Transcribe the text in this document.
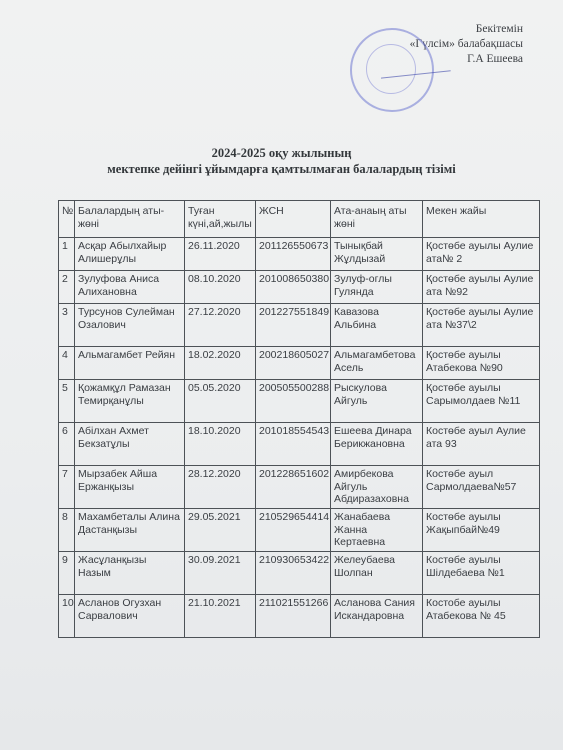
Бекітемін
«Гүлсім» балабақшасы
Г.А Ешеева
2024-2025 оқу жылының
мектепке дейінгі ұйымдарға қамтылмаған балалардың тізімі
№	Балалардың аты-жөні	Туған күні,ай,жылы	ЖСН	Ата-анаың аты жөні	Мекен жайы
1	Асқар Абылхайыр Алишерұлы	26.11.2020	201126550673	Тынықбай Жұлдызай	Қостөбе ауылы Аулие ата№ 2
2	Зулуфова Аниса Алихановна	08.10.2020	201008650380	Зулуф-оглы Гуляндa	Қостөбе ауылы Аулие ата №92
3	Турсунов Сулейман Озалович	27.12.2020	201227551849	Кавазова Альбина	Қостөбе ауылы Аулие ата №37\2
4	Альмагамбет Рейян	18.02.2020	200218605027	Альмагамбетова Асель	Қостөбе ауылы Атабекова №90
5	Қожамқұл Рамазан Темирқанұлы	05.05.2020	200505500288	Рыскулова Айгуль	Қостөбе ауылы Сарымолдаев №11
6	Абілхан Ахмет Бекзатұлы	18.10.2020	201018554543	Ешеева Динара Берикжановна	Костөбе ауыл Аулие ата 93
7	Мырзабек Айша Ержанқызы	28.12.2020	201228651602	Амирбекова Айгуль Абдиразаховна	Костөбе ауыл Сармолдаева№57
8	Махамбеталы Алина Дастанқызы	29.05.2021	210529654414	Жанабаева Жанна Кертаевна	Костөбе ауылы Жақыпбай№49
9	Жасұланқызы Назым	30.09.2021	210930653422	Желеубаева Шолпан	Костөбе ауылы Шілдебаева №1
10	Асланов Огузхан Сарвалович	21.10.2021	211021551266	Асланова Сания Искандаровна	Костобе ауылы Атабекова № 45
